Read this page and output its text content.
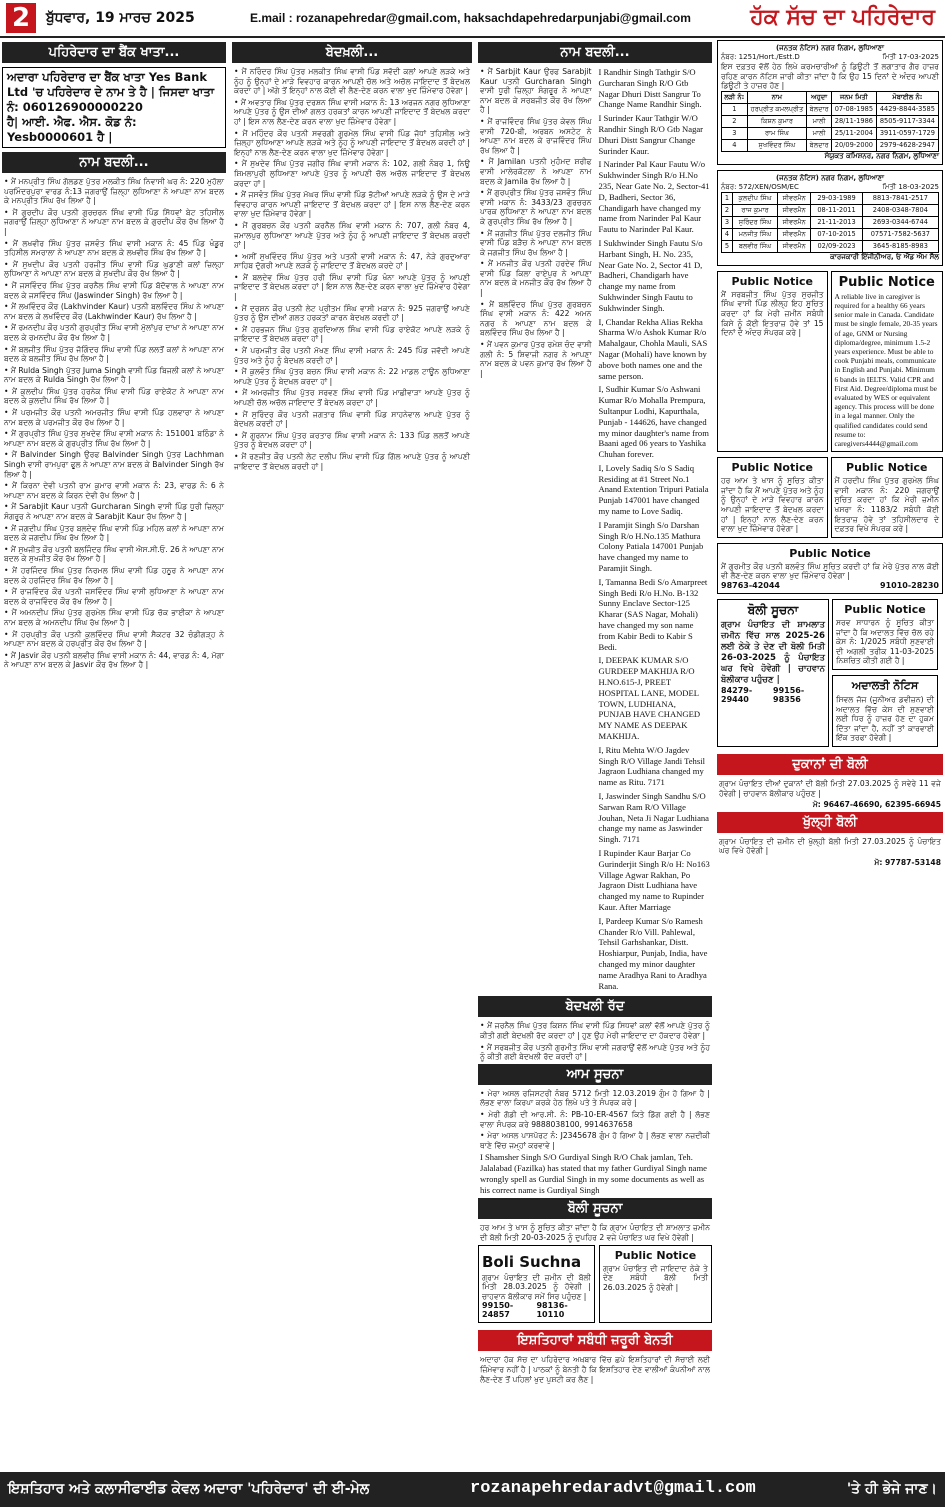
2	ਬੁੱਧਵਾਰ, 19 ਮਾਰਚ 2025	E.mail : rozanapehredar@gmail.com, haksachdapehredarpunjabi@gmail.com	ਹੱਕ ਸੱਚ ਦਾ ਪਹਿਰੇਦਾਰ
ਪਹਿਰੇਦਾਰ ਦਾ ਬੈਂਕ ਖਾਤਾ...
ਅਦਾਰਾ ਪਹਿਰੇਦਾਰ ਦਾ ਬੈਂਕ ਖਾਤਾ Yes Bank Ltd 'ਚ ਪਹਿਰੇਦਾਰ ਦੇ ਨਾਮ ਤੇ ਹੈ | ਜਿਸਦਾ ਖਾਤਾ ਨੰ: 060126900000220
ਹੈ| ਆਈ. ਐਫ. ਐਸ. ਕੋਡ ਨੰ: Yesb0000601 ਹੈ |
ਨਾਮ ਬਦਲੀ...
• ਮੈਂ ਮਨਪ੍ਰੀਤ ਸਿੰਘ ਗੋਲਡਣ ਪੁੱਤਰ ਮਲਕੀਤ ਸਿੰਘ ਨਿਵਾਸੀ ਘਰ ਨੰ: 220 ਮੁਹੱਲਾ ਪਰਮਿੰਦਰਪੁਰਾ ਵਾਰਡ ਨੰ:13 ਜਗਰਾਉਂ ਜ਼ਿਲ੍ਹਾ ਲੁਧਿਆਣਾ ਨੇ ਆਪਣਾ ਨਾਮ ਬਦਲ ਕੇ ਮਨਪ੍ਰੀਤ ਸਿੰਘ ਰੱਖ ਲਿਆ ਹੈ |
• ਮੈਂ ਗੁਰਦੀਪ ਕੌਰ ਪਤਨੀ ਗੁਰਚਰਨ ਸਿੰਘ ਵਾਸੀ ਪਿੰਡ ਸਿੱਧਵਾਂ ਬੇਟ ਤਹਿਸੀਲ ਜਗਰਾਉਂ ਜ਼ਿਲ੍ਹਾ ਲੁਧਿਆਣਾ ਨੇ ਆਪਣਾ ਨਾਮ ਬਦਲ ਕੇ ਗੁਰਦੀਪ ਕੌਰ ਰੱਖ ਲਿਆ ਹੈ |
• ਮੈਂ ਲਖਵੀਰ ਸਿੰਘ ਪੁੱਤਰ ਜਸਵੰਤ ਸਿੰਘ ਵਾਸੀ ਮਕਾਨ ਨੰ: 45 ਪਿੰਡ ਖੰਡੂਰ ਤਹਿਸੀਲ ਸਮਰਾਲਾ ਨੇ ਆਪਣਾ ਨਾਮ ਬਦਲ ਕੇ ਲਖਵੀਰ ਸਿੰਘ ਰੱਖ ਲਿਆ ਹੈ |
• ਮੈਂ ਸੁਖਦੀਪ ਕੌਰ ਪਤਨੀ ਹਰਜੀਤ ਸਿੰਘ ਵਾਸੀ ਪਿੰਡ ਘੁਡਾਣੀ ਕਲਾਂ ਜ਼ਿਲ੍ਹਾ ਲੁਧਿਆਣਾ ਨੇ ਆਪਣਾ ਨਾਮ ਬਦਲ ਕੇ ਸੁਖਦੀਪ ਕੌਰ ਰੱਖ ਲਿਆ ਹੈ |
• ਮੈਂ ਜਸਵਿੰਦਰ ਸਿੰਘ ਪੁੱਤਰ ਕਰਨੈਲ ਸਿੰਘ ਵਾਸੀ ਪਿੰਡ ਬੱਦੋਵਾਲ ਨੇ ਆਪਣਾ ਨਾਮ ਬਦਲ ਕੇ ਜਸਵਿੰਦਰ ਸਿੰਘ (Jaswinder Singh) ਰੱਖ ਲਿਆ ਹੈ |
• ਮੈਂ ਲਖਵਿੰਦਰ ਕੌਰ (Lakhvinder Kaur) ਪਤਨੀ ਬਲਵਿੰਦਰ ਸਿੰਘ ਨੇ ਆਪਣਾ ਨਾਮ ਬਦਲ ਕੇ ਲਖਵਿੰਦਰ ਕੌਰ (Lakhwinder Kaur) ਰੱਖ ਲਿਆ ਹੈ |
• ਮੈਂ ਰਮਨਦੀਪ ਕੌਰ ਪਤਨੀ ਗੁਰਪ੍ਰੀਤ ਸਿੰਘ ਵਾਸੀ ਮੁੱਲਾਂਪੁਰ ਦਾਖਾ ਨੇ ਆਪਣਾ ਨਾਮ ਬਦਲ ਕੇ ਰਮਨਦੀਪ ਕੌਰ ਰੱਖ ਲਿਆ ਹੈ |
• ਮੈਂ ਬਲਜੀਤ ਸਿੰਘ ਪੁੱਤਰ ਜੋਗਿੰਦਰ ਸਿੰਘ ਵਾਸੀ ਪਿੰਡ ਲਲਤੋਂ ਕਲਾਂ ਨੇ ਆਪਣਾ ਨਾਮ ਬਦਲ ਕੇ ਬਲਜੀਤ ਸਿੰਘ ਰੱਖ ਲਿਆ ਹੈ |
• ਮੈਂ Rulda Singh ਪੁੱਤਰ Juma Singh ਵਾਸੀ ਪਿੰਡ ਬਿਜਲੀ ਕਲਾਂ ਨੇ ਆਪਣਾ ਨਾਮ ਬਦਲ ਕੇ Rulda Singh ਰੱਖ ਲਿਆ ਹੈ |
• ਮੈਂ ਕੁਲਦੀਪ ਸਿੰਘ ਪੁੱਤਰ ਹਰਨੇਕ ਸਿੰਘ ਵਾਸੀ ਪਿੰਡ ਰਾਏਕੋਟ ਨੇ ਆਪਣਾ ਨਾਮ ਬਦਲ ਕੇ ਕੁਲਦੀਪ ਸਿੰਘ ਰੱਖ ਲਿਆ ਹੈ |
• ਮੈਂ ਪਰਮਜੀਤ ਕੌਰ ਪਤਨੀ ਅਮਰਜੀਤ ਸਿੰਘ ਵਾਸੀ ਪਿੰਡ ਹਲਵਾਰਾ ਨੇ ਆਪਣਾ ਨਾਮ ਬਦਲ ਕੇ ਪਰਮਜੀਤ ਕੌਰ ਰੱਖ ਲਿਆ ਹੈ |
• ਮੈਂ ਗੁਰਪ੍ਰੀਤ ਸਿੰਘ ਪੁੱਤਰ ਸੁਖਦੇਵ ਸਿੰਘ ਵਾਸੀ ਮਕਾਨ ਨੰ: 151001 ਬਠਿੰਡਾ ਨੇ ਆਪਣਾ ਨਾਮ ਬਦਲ ਕੇ ਗੁਰਪ੍ਰੀਤ ਸਿੰਘ ਰੱਖ ਲਿਆ ਹੈ |
• ਮੈਂ Balvinder Singh ਉਰਫ Balvinder Singh ਪੁੱਤਰ Lachhman Singh ਵਾਸੀ ਰਾਮਪੁਰਾ ਫੂਲ ਨੇ ਆਪਣਾ ਨਾਮ ਬਦਲ ਕੇ Balvinder Singh ਰੱਖ ਲਿਆ ਹੈ |
• ਮੈਂ ਕਿਰਨਾ ਦੇਵੀ ਪਤਨੀ ਰਾਮ ਕੁਮਾਰ ਵਾਸੀ ਮਕਾਨ ਨੰ: 23, ਵਾਰਡ ਨੰ: 6 ਨੇ ਆਪਣਾ ਨਾਮ ਬਦਲ ਕੇ ਕਿਰਨ ਦੇਵੀ ਰੱਖ ਲਿਆ ਹੈ |
• ਮੈਂ Sarabjit Kaur ਪਤਨੀ Gurcharan Singh ਵਾਸੀ ਪਿੰਡ ਧੂਰੀ ਜ਼ਿਲ੍ਹਾ ਸੰਗਰੂਰ ਨੇ ਆਪਣਾ ਨਾਮ ਬਦਲ ਕੇ Sarabjit Kaur ਰੱਖ ਲਿਆ ਹੈ |
• ਮੈਂ ਜਗਦੀਪ ਸਿੰਘ ਪੁੱਤਰ ਬਲਦੇਵ ਸਿੰਘ ਵਾਸੀ ਪਿੰਡ ਮਹਿਲ ਕਲਾਂ ਨੇ ਆਪਣਾ ਨਾਮ ਬਦਲ ਕੇ ਜਗਦੀਪ ਸਿੰਘ ਰੱਖ ਲਿਆ ਹੈ |
• ਮੈਂ ਸੁਖਜੀਤ ਕੌਰ ਪਤਨੀ ਬਲਜਿੰਦਰ ਸਿੰਘ ਵਾਸੀ ਐਸ.ਸੀ.ਓ. 26 ਨੇ ਆਪਣਾ ਨਾਮ ਬਦਲ ਕੇ ਸੁਖਜੀਤ ਕੌਰ ਰੱਖ ਲਿਆ ਹੈ |
• ਮੈਂ ਹਰਜਿੰਦਰ ਸਿੰਘ ਪੁੱਤਰ ਨਿਰਮਲ ਸਿੰਘ ਵਾਸੀ ਪਿੰਡ ਹਠੂਰ ਨੇ ਆਪਣਾ ਨਾਮ ਬਦਲ ਕੇ ਹਰਜਿੰਦਰ ਸਿੰਘ ਰੱਖ ਲਿਆ ਹੈ |
• ਮੈਂ ਰਾਜਵਿੰਦਰ ਕੌਰ ਪਤਨੀ ਜਸਵਿੰਦਰ ਸਿੰਘ ਵਾਸੀ ਲੁਧਿਆਣਾ ਨੇ ਆਪਣਾ ਨਾਮ ਬਦਲ ਕੇ ਰਾਜਵਿੰਦਰ ਕੌਰ ਰੱਖ ਲਿਆ ਹੈ |
• ਮੈਂ ਅਮਨਦੀਪ ਸਿੰਘ ਪੁੱਤਰ ਗੁਰਮੇਲ ਸਿੰਘ ਵਾਸੀ ਪਿੰਡ ਚੱਕ ਭਾਈਕਾ ਨੇ ਆਪਣਾ ਨਾਮ ਬਦਲ ਕੇ ਅਮਨਦੀਪ ਸਿੰਘ ਰੱਖ ਲਿਆ ਹੈ |
• ਮੈਂ ਹਰਪ੍ਰੀਤ ਕੌਰ ਪਤਨੀ ਕੁਲਵਿੰਦਰ ਸਿੰਘ ਵਾਸੀ ਸੈਕਟਰ 32 ਚੰਡੀਗੜ੍ਹ ਨੇ ਆਪਣਾ ਨਾਮ ਬਦਲ ਕੇ ਹਰਪ੍ਰੀਤ ਕੌਰ ਰੱਖ ਲਿਆ ਹੈ |
• ਮੈਂ Jasvir ਕੌਰ ਪਤਨੀ ਬਲਵੀਰ ਸਿੰਘ ਵਾਸੀ ਮਕਾਨ ਨੰ: 44, ਵਾਰਡ ਨੰ: 4, ਮੋਗਾ ਨੇ ਆਪਣਾ ਨਾਮ ਬਦਲ ਕੇ Jasvir ਕੌਰ ਰੱਖ ਲਿਆ ਹੈ |
ਬੇਦਖ਼ਲੀ...
• ਮੈਂ ਨਰਿੰਦਰ ਸਿੰਘ ਪੁੱਤਰ ਮਲਕੀਤ ਸਿੰਘ ਵਾਸੀ ਪਿੰਡ ਸਵੱਦੀ ਕਲਾਂ ਆਪਣੇ ਲੜਕੇ ਅਤੇ ਨੂੰਹ ਨੂੰ ਉਨ੍ਹਾਂ ਦੇ ਮਾੜੇ ਵਿਵਹਾਰ ਕਾਰਨ ਆਪਣੀ ਚੱਲ ਅਤੇ ਅਚੱਲ ਜਾਇਦਾਦ ਤੋਂ ਬੇਦਖ਼ਲ ਕਰਦਾ ਹਾਂ | ਅੱਗੇ ਤੋਂ ਇਨ੍ਹਾਂ ਨਾਲ ਕੋਈ ਵੀ ਲੈਣ-ਦੇਣ ਕਰਨ ਵਾਲਾ ਖੁਦ ਜ਼ਿੰਮੇਵਾਰ ਹੋਵੇਗਾ |
• ਮੈਂ ਅਵਤਾਰ ਸਿੰਘ ਪੁੱਤਰ ਦਰਸ਼ਨ ਸਿੰਘ ਵਾਸੀ ਮਕਾਨ ਨੰ: 13 ਅਰਜਨ ਨਗਰ ਲੁਧਿਆਣਾ ਆਪਣੇ ਪੁੱਤਰ ਨੂੰ ਉਸ ਦੀਆਂ ਗਲਤ ਹਰਕਤਾਂ ਕਾਰਨ ਆਪਣੀ ਜਾਇਦਾਦ ਤੋਂ ਬੇਦਖ਼ਲ ਕਰਦਾ ਹਾਂ | ਇਸ ਨਾਲ ਲੈਣ-ਦੇਣ ਕਰਨ ਵਾਲਾ ਖੁਦ ਜ਼ਿੰਮੇਵਾਰ ਹੋਵੇਗਾ |
• ਮੈਂ ਮਹਿੰਦਰ ਕੌਰ ਪਤਨੀ ਸਵਰਗੀ ਗੁਰਮੇਲ ਸਿੰਘ ਵਾਸੀ ਪਿੰਡ ਜੋਧਾਂ ਤਹਿਸੀਲ ਅਤੇ ਜ਼ਿਲ੍ਹਾ ਲੁਧਿਆਣਾ ਆਪਣੇ ਲੜਕੇ ਅਤੇ ਨੂੰਹ ਨੂੰ ਆਪਣੀ ਜਾਇਦਾਦ ਤੋਂ ਬੇਦਖ਼ਲ ਕਰਦੀ ਹਾਂ | ਇਨ੍ਹਾਂ ਨਾਲ ਲੈਣ-ਦੇਣ ਕਰਨ ਵਾਲਾ ਖੁਦ ਜ਼ਿੰਮੇਵਾਰ ਹੋਵੇਗਾ |
• ਮੈਂ ਸੁਖਦੇਵ ਸਿੰਘ ਪੁੱਤਰ ਜਗੀਰ ਸਿੰਘ ਵਾਸੀ ਮਕਾਨ ਨੰ: 102, ਗਲੀ ਨੰਬਰ 1, ਨਿਊ ਸ਼ਿਮਲਾਪੁਰੀ ਲੁਧਿਆਣਾ ਆਪਣੇ ਪੁੱਤਰ ਨੂੰ ਆਪਣੀ ਚੱਲ ਅਚੱਲ ਜਾਇਦਾਦ ਤੋਂ ਬੇਦਖ਼ਲ ਕਰਦਾ ਹਾਂ |
• ਮੈਂ ਜਸਵੰਤ ਸਿੰਘ ਪੁੱਤਰ ਮੱਘਰ ਸਿੰਘ ਵਾਸੀ ਪਿੰਡ ਭੱਟੀਆਂ ਆਪਣੇ ਲੜਕੇ ਨੂੰ ਉਸ ਦੇ ਮਾੜੇ ਵਿਵਹਾਰ ਕਾਰਨ ਆਪਣੀ ਜਾਇਦਾਦ ਤੋਂ ਬੇਦਖ਼ਲ ਕਰਦਾ ਹਾਂ | ਇਸ ਨਾਲ ਲੈਣ-ਦੇਣ ਕਰਨ ਵਾਲਾ ਖੁਦ ਜ਼ਿੰਮੇਵਾਰ ਹੋਵੇਗਾ |
• ਮੈਂ ਗੁਰਬਚਨ ਕੌਰ ਪਤਨੀ ਕਰਨੈਲ ਸਿੰਘ ਵਾਸੀ ਮਕਾਨ ਨੰ: 707, ਗਲੀ ਨੰਬਰ 4, ਜਮਾਲਪੁਰ ਲੁਧਿਆਣਾ ਆਪਣੇ ਪੁੱਤਰ ਅਤੇ ਨੂੰਹ ਨੂੰ ਆਪਣੀ ਜਾਇਦਾਦ ਤੋਂ ਬੇਦਖ਼ਲ ਕਰਦੀ ਹਾਂ |
• ਅਸੀਂ ਸੁਖਵਿੰਦਰ ਸਿੰਘ ਪੁੱਤਰ ਅਤੇ ਪਤਨੀ ਵਾਸੀ ਮਕਾਨ ਨੰ: 47, ਨੇੜੇ ਗੁਰਦੁਆਰਾ ਸਾਹਿਬ ਦੁੱਗਰੀ ਆਪਣੇ ਲੜਕੇ ਨੂੰ ਜਾਇਦਾਦ ਤੋਂ ਬੇਦਖ਼ਲ ਕਰਦੇ ਹਾਂ |
• ਮੈਂ ਬਲਦੇਵ ਸਿੰਘ ਪੁੱਤਰ ਹਰੀ ਸਿੰਘ ਵਾਸੀ ਪਿੰਡ ਖੰਨਾ ਆਪਣੇ ਪੁੱਤਰ ਨੂੰ ਆਪਣੀ ਜਾਇਦਾਦ ਤੋਂ ਬੇਦਖ਼ਲ ਕਰਦਾ ਹਾਂ | ਇਸ ਨਾਲ ਲੈਣ-ਦੇਣ ਕਰਨ ਵਾਲਾ ਖੁਦ ਜ਼ਿੰਮੇਵਾਰ ਹੋਵੇਗਾ |
• ਮੈਂ ਦਰਸ਼ਨ ਕੌਰ ਪਤਨੀ ਲੇਟ ਪ੍ਰੀਤਮ ਸਿੰਘ ਵਾਸੀ ਮਕਾਨ ਨੰ: 925 ਜਗਰਾਉਂ ਆਪਣੇ ਪੁੱਤਰ ਨੂੰ ਉਸ ਦੀਆਂ ਗਲਤ ਹਰਕਤਾਂ ਕਾਰਨ ਬੇਦਖ਼ਲ ਕਰਦੀ ਹਾਂ |
• ਮੈਂ ਹਰਭਜਨ ਸਿੰਘ ਪੁੱਤਰ ਗੁਰਦਿਆਲ ਸਿੰਘ ਵਾਸੀ ਪਿੰਡ ਰਾਏਕੋਟ ਆਪਣੇ ਲੜਕੇ ਨੂੰ ਜਾਇਦਾਦ ਤੋਂ ਬੇਦਖ਼ਲ ਕਰਦਾ ਹਾਂ |
• ਮੈਂ ਪਰਮਜੀਤ ਕੌਰ ਪਤਨੀ ਮੱਖਣ ਸਿੰਘ ਵਾਸੀ ਮਕਾਨ ਨੰ: 245 ਪਿੰਡ ਜਵੱਦੀ ਆਪਣੇ ਪੁੱਤਰ ਅਤੇ ਨੂੰਹ ਨੂੰ ਬੇਦਖ਼ਲ ਕਰਦੀ ਹਾਂ |
• ਮੈਂ ਕੁਲਵੰਤ ਸਿੰਘ ਪੁੱਤਰ ਬਚਨ ਸਿੰਘ ਵਾਸੀ ਮਕਾਨ ਨੰ: 22 ਮਾਡਲ ਟਾਊਨ ਲੁਧਿਆਣਾ ਆਪਣੇ ਪੁੱਤਰ ਨੂੰ ਬੇਦਖ਼ਲ ਕਰਦਾ ਹਾਂ |
• ਮੈਂ ਅਮਰਜੀਤ ਸਿੰਘ ਪੁੱਤਰ ਸਰਵਣ ਸਿੰਘ ਵਾਸੀ ਪਿੰਡ ਮਾਛੀਵਾੜਾ ਆਪਣੇ ਪੁੱਤਰ ਨੂੰ ਆਪਣੀ ਚੱਲ ਅਚੱਲ ਜਾਇਦਾਦ ਤੋਂ ਬੇਦਖ਼ਲ ਕਰਦਾ ਹਾਂ |
• ਮੈਂ ਸੁਰਿੰਦਰ ਕੌਰ ਪਤਨੀ ਜਗਤਾਰ ਸਿੰਘ ਵਾਸੀ ਪਿੰਡ ਸਾਹਨੇਵਾਲ ਆਪਣੇ ਪੁੱਤਰ ਨੂੰ ਬੇਦਖ਼ਲ ਕਰਦੀ ਹਾਂ |
• ਮੈਂ ਗੁਰਨਾਮ ਸਿੰਘ ਪੁੱਤਰ ਕਰਤਾਰ ਸਿੰਘ ਵਾਸੀ ਮਕਾਨ ਨੰ: 133 ਪਿੰਡ ਲਲਤੋਂ ਆਪਣੇ ਪੁੱਤਰ ਨੂੰ ਬੇਦਖ਼ਲ ਕਰਦਾ ਹਾਂ |
• ਮੈਂ ਰਣਜੀਤ ਕੌਰ ਪਤਨੀ ਲੇਟ ਦਲੀਪ ਸਿੰਘ ਵਾਸੀ ਪਿੰਡ ਗਿੱਲ ਆਪਣੇ ਪੁੱਤਰ ਨੂੰ ਆਪਣੀ ਜਾਇਦਾਦ ਤੋਂ ਬੇਦਖ਼ਲ ਕਰਦੀ ਹਾਂ |
ਨਾਮ ਬਦਲੀ...
• ਮੈਂ Sarbjit Kaur ਉਰਫ Sarabjit Kaur ਪਤਨੀ Gurcharan Singh ਵਾਸੀ ਧੂਰੀ ਜ਼ਿਲ੍ਹਾ ਸੰਗਰੂਰ ਨੇ ਆਪਣਾ ਨਾਮ ਬਦਲ ਕੇ ਸਰਬਜੀਤ ਕੌਰ ਰੱਖ ਲਿਆ ਹੈ |
• ਮੈਂ ਰਾਜਵਿੰਦਰ ਸਿੰਘ ਪੁੱਤਰ ਕੇਵਲ ਸਿੰਘ ਵਾਸੀ 720-ਬੀ, ਅਰਬਨ ਅਸਟੇਟ ਨੇ ਆਪਣਾ ਨਾਮ ਬਦਲ ਕੇ ਰਾਜਵਿੰਦਰ ਸਿੰਘ ਰੱਖ ਲਿਆ ਹੈ |
• ਮੈਂ Jamilan ਪਤਨੀ ਮੁਹੰਮਦ ਸ਼ਰੀਫ ਵਾਸੀ ਮਾਲੇਰਕੋਟਲਾ ਨੇ ਆਪਣਾ ਨਾਮ ਬਦਲ ਕੇ Jamila ਰੱਖ ਲਿਆ ਹੈ |
• ਮੈਂ ਗੁਰਪ੍ਰੀਤ ਸਿੰਘ ਪੁੱਤਰ ਜਸਵੰਤ ਸਿੰਘ ਵਾਸੀ ਮਕਾਨ ਨੰ: 3433/23 ਗੁਰਚਰਨ ਪਾਰਕ ਲੁਧਿਆਣਾ ਨੇ ਆਪਣਾ ਨਾਮ ਬਦਲ ਕੇ ਗੁਰਪ੍ਰੀਤ ਸਿੰਘ ਰੱਖ ਲਿਆ ਹੈ |
• ਮੈਂ ਜਗਜੀਤ ਸਿੰਘ ਪੁੱਤਰ ਦਲਜੀਤ ਸਿੰਘ ਵਾਸੀ ਪਿੰਡ ਬੜੈਚ ਨੇ ਆਪਣਾ ਨਾਮ ਬਦਲ ਕੇ ਜਗਜੀਤ ਸਿੰਘ ਰੱਖ ਲਿਆ ਹੈ |
• ਮੈਂ ਮਨਜੀਤ ਕੌਰ ਪਤਨੀ ਹਰਦੇਵ ਸਿੰਘ ਵਾਸੀ ਪਿੰਡ ਕਿਲਾ ਰਾਏਪੁਰ ਨੇ ਆਪਣਾ ਨਾਮ ਬਦਲ ਕੇ ਮਨਜੀਤ ਕੌਰ ਰੱਖ ਲਿਆ ਹੈ |
• ਮੈਂ ਬਲਵਿੰਦਰ ਸਿੰਘ ਪੁੱਤਰ ਗੁਰਬਚਨ ਸਿੰਘ ਵਾਸੀ ਮਕਾਨ ਨੰ: 422 ਅਮਨ ਨਗਰ ਨੇ ਆਪਣਾ ਨਾਮ ਬਦਲ ਕੇ ਬਲਵਿੰਦਰ ਸਿੰਘ ਰੱਖ ਲਿਆ ਹੈ |
• ਮੈਂ ਪਵਨ ਕੁਮਾਰ ਪੁੱਤਰ ਰਮੇਸ਼ ਚੰਦ ਵਾਸੀ ਗਲੀ ਨੰ: 5 ਸ਼ਿਵਾਜੀ ਨਗਰ ਨੇ ਆਪਣਾ ਨਾਮ ਬਦਲ ਕੇ ਪਵਨ ਕੁਮਾਰ ਰੱਖ ਲਿਆ ਹੈ |
I Randhir Singh Tathgir S/O Gurcharan Singh R/O Gtb Nagar Dhuri Distt Sangrur To Change Name Randhir Singh.
I Surinder Kaur Tathgir W/O Randhir Singh R/O Gtb Nagar Dhuri Distt Sangrur Change Surinder Kaur.
I Narinder Pal Kaur Fautu W/o Sukhwinder Singh R/o H.No 235, Near Gate No. 2, Sector-41 D, Badheri, Sector 36, Chandigarh have changed my name from Narinder Pal Kaur Fautu to Narinder Pal Kaur.
I Sukhwinder Singh Fautu S/o Harbant Singh, H. No. 235, Near Gate No. 2, Sector 41 D, Badheri, Chandigarh have change my name from Sukhwinder Singh Fautu to Sukhwinder Singh.
I, Chandar Rekha Alias Rekha Sharma W/o Ashok Kumar R/o Mahalgaur, Chohla Mauli, SAS Nagar (Mohali) have known by above both names one and the same person.
I, Sudhir Kumar S/o Ashwani Kumar R/o Mohalla Prempura, Sultanpur Lodhi, Kapurthala, Punjab - 144626, have changed my minor daughter's name from Baani aged 06 years to Yashika Chuhan forever.
I, Lovely Sadiq S/o S Sadiq Residing at #1 Street No.1 Anand Extention Tripuri Patiala Punjab 147001 have changed my name to Love Sadiq.
I Paramjit Singh S/o Darshan Singh R/o H.No.135 Mathura Colony Patiala 147001 Punjab have changed my name to Paramjit Singh.
I, Tamanna Bedi S/o Amarpreet Singh Bedi R/o H.No. B-132 Sunny Enclave Sector-125 Kharar (SAS Nagar, Mohali) have changed my son name from Kabir Bedi to Kabir S Bedi.
I, DEEPAK KUMAR S/O GURDEEP MAKHIJA R/O H.NO.615-J, PREET HOSPITAL LANE, MODEL TOWN, LUDHIANA, PUNJAB HAVE CHANGED MY NAME AS DEEPAK MAKHIJA.
I, Ritu Mehta W/O Jagdev Singh R/O Village Jandi Tehsil Jagraon Ludhiana changed my name as Ritu. 7171
I, Jaswinder Singh Sandhu S/O Sarwan Ram R/O Village Jouhan, Neta Ji Nagar Ludhiana change my name as Jaswinder Singh. 7171
I Rupinder Kaur Barjar Co Gurinderjit Singh R/o H: No163 Village Agwar Rakhan, Po Jagraon Distt Ludhiana have changed my name to Rupinder Kaur. After Marriage
I, Pardeep Kumar S/o Ramesh Chander R/o Vill. Pahlewal, Tehsil Garhshankar, Distt. Hoshiarpur, Punjab, India, have changed my minor daughter name Aradhya Rani to Aradhya Rana.
ਬੇਦਖਲੀ ਰੱਦ
• ਮੈਂ ਜਰਨੈਲ ਸਿੰਘ ਪੁੱਤਰ ਕਿਸ਼ਨ ਸਿੰਘ ਵਾਸੀ ਪਿੰਡ ਸਿਧਵਾਂ ਕਲਾਂ ਵੱਲੋਂ ਆਪਣੇ ਪੁੱਤਰ ਨੂੰ ਕੀਤੀ ਗਈ ਬੇਦਖ਼ਲੀ ਰੱਦ ਕਰਦਾ ਹਾਂ | ਹੁਣ ਉਹ ਮੇਰੀ ਜਾਇਦਾਦ ਦਾ ਹੱਕਦਾਰ ਹੋਵੇਗਾ |
• ਮੈਂ ਸਰਬਜੀਤ ਕੌਰ ਪਤਨੀ ਗੁਰਮੀਤ ਸਿੰਘ ਵਾਸੀ ਜਗਰਾਉਂ ਵੱਲੋਂ ਆਪਣੇ ਪੁੱਤਰ ਅਤੇ ਨੂੰਹ ਨੂੰ ਕੀਤੀ ਗਈ ਬੇਦਖ਼ਲੀ ਰੱਦ ਕਰਦੀ ਹਾਂ |
ਆਮ ਸੂਚਨਾ
• ਮੇਰਾ ਅਸਲ ਰਜਿਸਟਰੀ ਨੰਬਰ 5712 ਮਿਤੀ 12.03.2019 ਗੁੰਮ ਹੋ ਗਿਆ ਹੈ | ਲੱਭਣ ਵਾਲਾ ਕਿਰਪਾ ਕਰਕੇ ਹੇਠ ਲਿਖੇ ਪਤੇ ਤੇ ਸੰਪਰਕ ਕਰੇ |
• ਮੇਰੀ ਗੱਡੀ ਦੀ ਆਰ.ਸੀ. ਨੰ: PB-10-ER-4567 ਕਿਤੇ ਡਿੱਗ ਗਈ ਹੈ | ਲੱਭਣ ਵਾਲਾ ਸੰਪਰਕ ਕਰੇ 9888038100, 9914637658
• ਮੇਰਾ ਅਸਲ ਪਾਸਪੋਰਟ ਨੰ: J2345678 ਗੁੰਮ ਹੋ ਗਿਆ ਹੈ | ਲੱਭਣ ਵਾਲਾ ਨਜ਼ਦੀਕੀ ਥਾਣੇ ਵਿੱਚ ਜਮ੍ਹਾਂ ਕਰਵਾਵੇ |
I Shamsher Singh S/O Gurdiyal Singh R/O Chak jamlan, Teh. Jalalabad (Fazilka) has stated that my father Gurdiyal Singh name wrongly spell as Gurdial Singh in my some documents as well as his correct name is Gurdiyal Singh
ਬੋਲੀ ਸੂਚਨਾ
ਹਰ ਆਮ ਤੇ ਖਾਸ ਨੂੰ ਸੂਚਿਤ ਕੀਤਾ ਜਾਂਦਾ ਹੈ ਕਿ ਗ੍ਰਾਮ ਪੰਚਾਇਤ ਦੀ ਸ਼ਾਮਲਾਤ ਜ਼ਮੀਨ ਦੀ ਬੋਲੀ ਮਿਤੀ 20-03-2025 ਨੂੰ ਦੁਪਹਿਰ 2 ਵਜੇ ਪੰਚਾਇਤ ਘਰ ਵਿਖੇ ਹੋਵੇਗੀ |
Boli Suchna
ਗ੍ਰਾਮ ਪੰਚਾਇਤ ਦੀ ਜ਼ਮੀਨ ਦੀ ਬੋਲੀ ਮਿਤੀ 28.03.2025 ਨੂੰ ਹੋਵੇਗੀ | ਚਾਹਵਾਨ ਬੋਲੀਕਾਰ ਸਮੇਂ ਸਿਰ ਪਹੁੰਚਣ |
99150-24857
98136-10110
Public Notice
ਗ੍ਰਾਮ ਪੰਚਾਇਤ ਦੀ ਜਾਇਦਾਦ ਠੇਕੇ ਤੇ ਦੇਣ ਸਬੰਧੀ ਬੋਲੀ ਮਿਤੀ 26.03.2025 ਨੂੰ ਹੋਵੇਗੀ |
ਇਸ਼ਤਿਹਾਰਾਂ ਸਬੰਧੀ ਜ਼ਰੂਰੀ ਬੇਨਤੀ
ਅਦਾਰਾ ਹੱਕ ਸੱਚ ਦਾ ਪਹਿਰੇਦਾਰ ਅਖ਼ਬਾਰ ਵਿੱਚ ਛਪੇ ਇਸ਼ਤਿਹਾਰਾਂ ਦੀ ਸੱਚਾਈ ਲਈ ਜ਼ਿੰਮੇਵਾਰ ਨਹੀਂ ਹੈ | ਪਾਠਕਾਂ ਨੂੰ ਬੇਨਤੀ ਹੈ ਕਿ ਇਸ਼ਤਿਹਾਰ ਦੇਣ ਵਾਲੀਆਂ ਕੰਪਨੀਆਂ ਨਾਲ ਲੈਣ-ਦੇਣ ਤੋਂ ਪਹਿਲਾਂ ਖੁਦ ਪੁਸ਼ਟੀ ਕਰ ਲੈਣ |
(ਜਨਤਕ ਨੋਟਿਸ) ਨਗਰ ਨਿਗਮ, ਲੁਧਿਆਣਾ
ਨੰਬਰ: 1251/Hort./Estt.D	ਮਿਤੀ 17-03-2025
ਇਸ ਦਫ਼ਤਰ ਵੱਲੋਂ ਹੇਠ ਲਿਖੇ ਕਰਮਚਾਰੀਆਂ ਨੂੰ ਡਿਊਟੀ ਤੋਂ ਲਗਾਤਾਰ ਗੈਰ ਹਾਜ਼ਰ ਰਹਿਣ ਕਾਰਨ ਨੋਟਿਸ ਜਾਰੀ ਕੀਤਾ ਜਾਂਦਾ ਹੈ ਕਿ ਉਹ 15 ਦਿਨਾਂ ਦੇ ਅੰਦਰ ਆਪਣੀ ਡਿਊਟੀ ਤੇ ਹਾਜ਼ਰ ਹੋਣ |
ਲੜੀ ਨੰ:	ਨਾਮ	ਅਹੁਦਾ	ਜਨਮ ਮਿਤੀ	ਮੋਬਾਈਲ ਨੰ:
1	ਹਰਪ੍ਰੀਤ ਕਮਲਪ੍ਰੀਤ	ਬੇਲਦਾਰ	07-08-1985	4429-8844-3585
2	ਕਿਸ਼ਨ ਕੁਮਾਰ	ਮਾਲੀ	28/11-1986	8505-9117-3344
3	ਰਾਮ ਸਿੰਘ	ਮਾਲੀ	25/11-2004	3911-0597-1729
4	ਸੁਖਵਿੰਦਰ ਸਿੰਘ	ਬੇਲਦਾਰ	20/09-2000	2979-4628-2947
ਸੰਯੁਕਤ ਕਮਿਸ਼ਨਰ, ਨਗਰ ਨਿਗਮ, ਲੁਧਿਆਣਾ
(ਜਨਤਕ ਨੋਟਿਸ) ਨਗਰ ਨਿਗਮ, ਲੁਧਿਆਣਾ
ਨੰਬਰ: 572/XEN/OSM/EC	ਮਿਤੀ 18-03-2025
1	ਕੁਲਦੀਪ ਸਿੰਘ	ਸੀਵਰਮੈਨ	29-03-1989	8813-7841-2517
2	ਰਾਜ ਕੁਮਾਰ	ਸੀਵਰਮੈਨ	08-11-2011	2408-0348-7804
3	ਸੁਰਿੰਦਰ ਸਿੰਘ	ਸੀਵਰਮੈਨ	21-11-2013	2693-0344-6744
4	ਮਨਜੀਤ ਸਿੰਘ	ਸੀਵਰਮੈਨ	07-10-2015	07571-7582-5637
5	ਬਲਵੀਰ ਸਿੰਘ	ਸੀਵਰਮੈਨ	02/09-2023	3645-8185-8983
ਕਾਰਜਕਾਰੀ ਇੰਜੀਨੀਅਰ, ਓ ਐਂਡ ਐਮ ਸੈੱਲ
Public Notice
ਮੈਂ ਸਰਬਜੀਤ ਸਿੰਘ ਪੁੱਤਰ ਸੁਰਜੀਤ ਸਿੰਘ ਵਾਸੀ ਪਿੰਡ ਲੀਲ੍ਹ ਇਹ ਸੂਚਿਤ ਕਰਦਾ ਹਾਂ ਕਿ ਮੇਰੀ ਜ਼ਮੀਨ ਸਬੰਧੀ ਕਿਸੇ ਨੂੰ ਕੋਈ ਇਤਰਾਜ਼ ਹੋਵੇ ਤਾਂ 15 ਦਿਨਾਂ ਦੇ ਅੰਦਰ ਸੰਪਰਕ ਕਰੇ |
Public Notice
A reliable live in caregiver is required for a healthy 66 years senior male in Canada. Candidate must be single female, 20-35 years of age, GNM or Nursing diploma/degree, minimum 1.5-2 years experience. Must be able to cook Punjabi meals, communicate in English and Punjabi. Minimum 6 bands in IELTS. Valid CPR and First Aid. Degree/diploma must be evaluated by WES or equivalent agency. This process will be done in a legal manner. Only the qualified candidates could send resume to: caregivers4444@gmail.com
Public Notice
ਹਰ ਆਮ ਤੇ ਖਾਸ ਨੂੰ ਸੂਚਿਤ ਕੀਤਾ ਜਾਂਦਾ ਹੈ ਕਿ ਮੈਂ ਆਪਣੇ ਪੁੱਤਰ ਅਤੇ ਨੂੰਹ ਨੂੰ ਉਨ੍ਹਾਂ ਦੇ ਮਾੜੇ ਵਿਵਹਾਰ ਕਾਰਨ ਆਪਣੀ ਜਾਇਦਾਦ ਤੋਂ ਬੇਦਖ਼ਲ ਕਰਦਾ ਹਾਂ | ਇਨ੍ਹਾਂ ਨਾਲ ਲੈਣ-ਦੇਣ ਕਰਨ ਵਾਲਾ ਖੁਦ ਜ਼ਿੰਮੇਵਾਰ ਹੋਵੇਗਾ |
Public Notice
ਮੈਂ ਹਰਦੀਪ ਸਿੰਘ ਪੁੱਤਰ ਗੁਰਮੇਲ ਸਿੰਘ ਵਾਸੀ ਮਕਾਨ ਨੰ: 220 ਜਗਰਾਉਂ ਸੂਚਿਤ ਕਰਦਾ ਹਾਂ ਕਿ ਮੇਰੀ ਜ਼ਮੀਨ ਖਸਰਾ ਨੰ: 1183/2 ਸਬੰਧੀ ਕੋਈ ਇਤਰਾਜ਼ ਹੋਵੇ ਤਾਂ ਤਹਿਸੀਲਦਾਰ ਦੇ ਦਫ਼ਤਰ ਵਿਖੇ ਸੰਪਰਕ ਕਰੇ |
Public Notice
ਮੈਂ ਗੁਰਮੀਤ ਕੌਰ ਪਤਨੀ ਬਲਵੰਤ ਸਿੰਘ ਸੂਚਿਤ ਕਰਦੀ ਹਾਂ ਕਿ ਮੇਰੇ ਪੁੱਤਰ ਨਾਲ ਕੋਈ ਵੀ ਲੈਣ-ਦੇਣ ਕਰਨ ਵਾਲਾ ਖੁਦ ਜ਼ਿੰਮੇਵਾਰ ਹੋਵੇਗਾ |
98763-42044	91010-28230
ਬੋਲੀ ਸੂਚਨਾ
ਗ੍ਰਾਮ ਪੰਚਾਇਤ ਦੀ ਸ਼ਾਮਲਾਤ ਜ਼ਮੀਨ ਵਿੱਚ ਸਾਲ 2025-26 ਲਈ ਠੇਕੇ ਤੇ ਦੇਣ ਦੀ ਬੋਲੀ ਮਿਤੀ 26-03-2025 ਨੂੰ ਪੰਚਾਇਤ ਘਰ ਵਿਖੇ ਹੋਵੇਗੀ | ਚਾਹਵਾਨ ਬੋਲੀਕਾਰ ਪਹੁੰਚਣ |
84279-29440
99156-98356
Public Notice
ਸਰਵ ਸਾਧਾਰਨ ਨੂੰ ਸੂਚਿਤ ਕੀਤਾ ਜਾਂਦਾ ਹੈ ਕਿ ਅਦਾਲਤ ਵਿੱਚ ਚੱਲ ਰਹੇ ਕੇਸ ਨੰ: 1/2025 ਸਬੰਧੀ ਸੁਣਵਾਈ ਦੀ ਅਗਲੀ ਤਰੀਕ 11-03-2025 ਨਿਸ਼ਚਿਤ ਕੀਤੀ ਗਈ ਹੈ |
ਅਦਾਲਤੀ ਨੋਟਿਸ
ਸਿਵਲ ਜੱਜ (ਜੂਨੀਅਰ ਡਵੀਜ਼ਨ) ਦੀ ਅਦਾਲਤ ਵਿੱਚ ਕੇਸ ਦੀ ਸੁਣਵਾਈ ਲਈ ਧਿਰ ਨੂੰ ਹਾਜ਼ਰ ਹੋਣ ਦਾ ਹੁਕਮ ਦਿੱਤਾ ਜਾਂਦਾ ਹੈ, ਨਹੀਂ ਤਾਂ ਕਾਰਵਾਈ ਇੱਕ ਤਰਫਾ ਹੋਵੇਗੀ |
ਦੁਕਾਨਾਂ ਦੀ ਬੋਲੀ
ਗ੍ਰਾਮ ਪੰਚਾਇਤ ਦੀਆਂ ਦੁਕਾਨਾਂ ਦੀ ਬੋਲੀ ਮਿਤੀ 27.03.2025 ਨੂੰ ਸਵੇਰੇ 11 ਵਜੇ ਹੋਵੇਗੀ | ਚਾਹਵਾਨ ਬੋਲੀਕਾਰ ਪਹੁੰਚਣ |
ਮੋ: 96467-46690, 62395-66945
ਖੁੱਲ੍ਹੀ ਬੋਲੀ
ਗ੍ਰਾਮ ਪੰਚਾਇਤ ਦੀ ਜ਼ਮੀਨ ਦੀ ਖੁੱਲ੍ਹੀ ਬੋਲੀ ਮਿਤੀ 27.03.2025 ਨੂੰ ਪੰਚਾਇਤ ਘਰ ਵਿਖੇ ਹੋਵੇਗੀ |
ਮੋ: 97787-53148
ਇਸ਼ਤਿਹਾਰ ਅਤੇ ਕਲਾਸੀਫਾਈਡ ਕੇਵਲ ਅਦਾਰਾ 'ਪਹਿਰੇਦਾਰ' ਦੀ ਈ-ਮੇਲ	rozanapehredaradvt@gmail.com	'ਤੇ ਹੀ ਭੇਜੇ ਜਾਣ।
